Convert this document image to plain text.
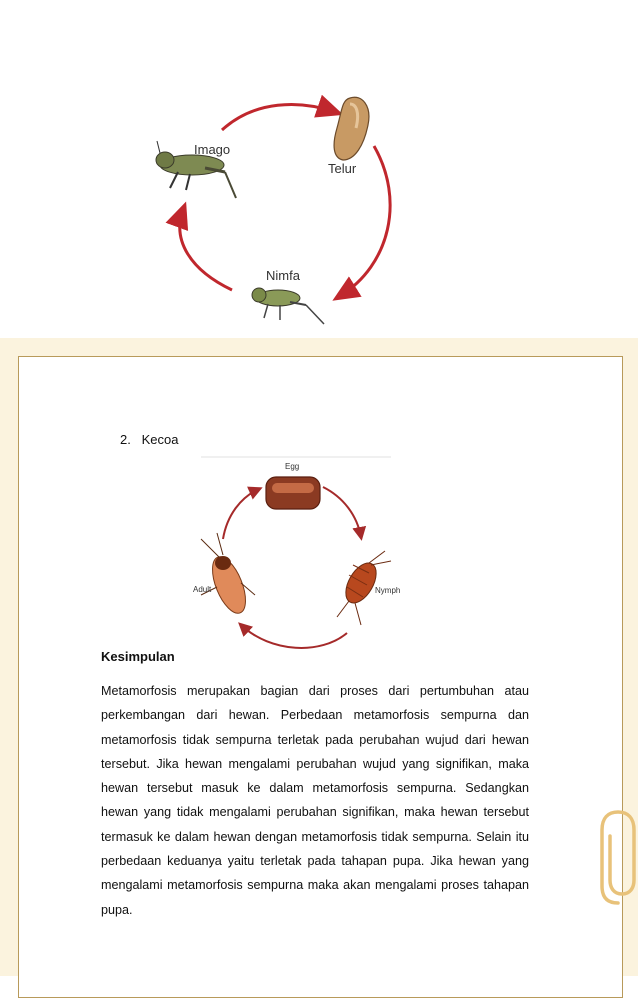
Imago
Telur
Nimfa
2. Kecoa
Egg
Nymph
Adult
Kesimpulan
Metamorfosis merupakan bagian dari proses dari pertumbuhan atau perkembangan dari hewan. Perbedaan metamorfosis sempurna dan metamorfosis tidak sempurna terletak pada perubahan wujud dari hewan tersebut. Jika hewan mengalami perubahan wujud yang signifikan, maka hewan tersebut masuk ke dalam metamorfosis sempurna. Sedangkan hewan yang tidak mengalami perubahan signifikan, maka hewan tersebut termasuk ke dalam hewan dengan metamorfosis tidak sempurna. Selain itu perbedaan keduanya yaitu terletak pada tahapan pupa. Jika hewan yang mengalami metamorfosis sempurna maka akan mengalami proses tahapan pupa.
